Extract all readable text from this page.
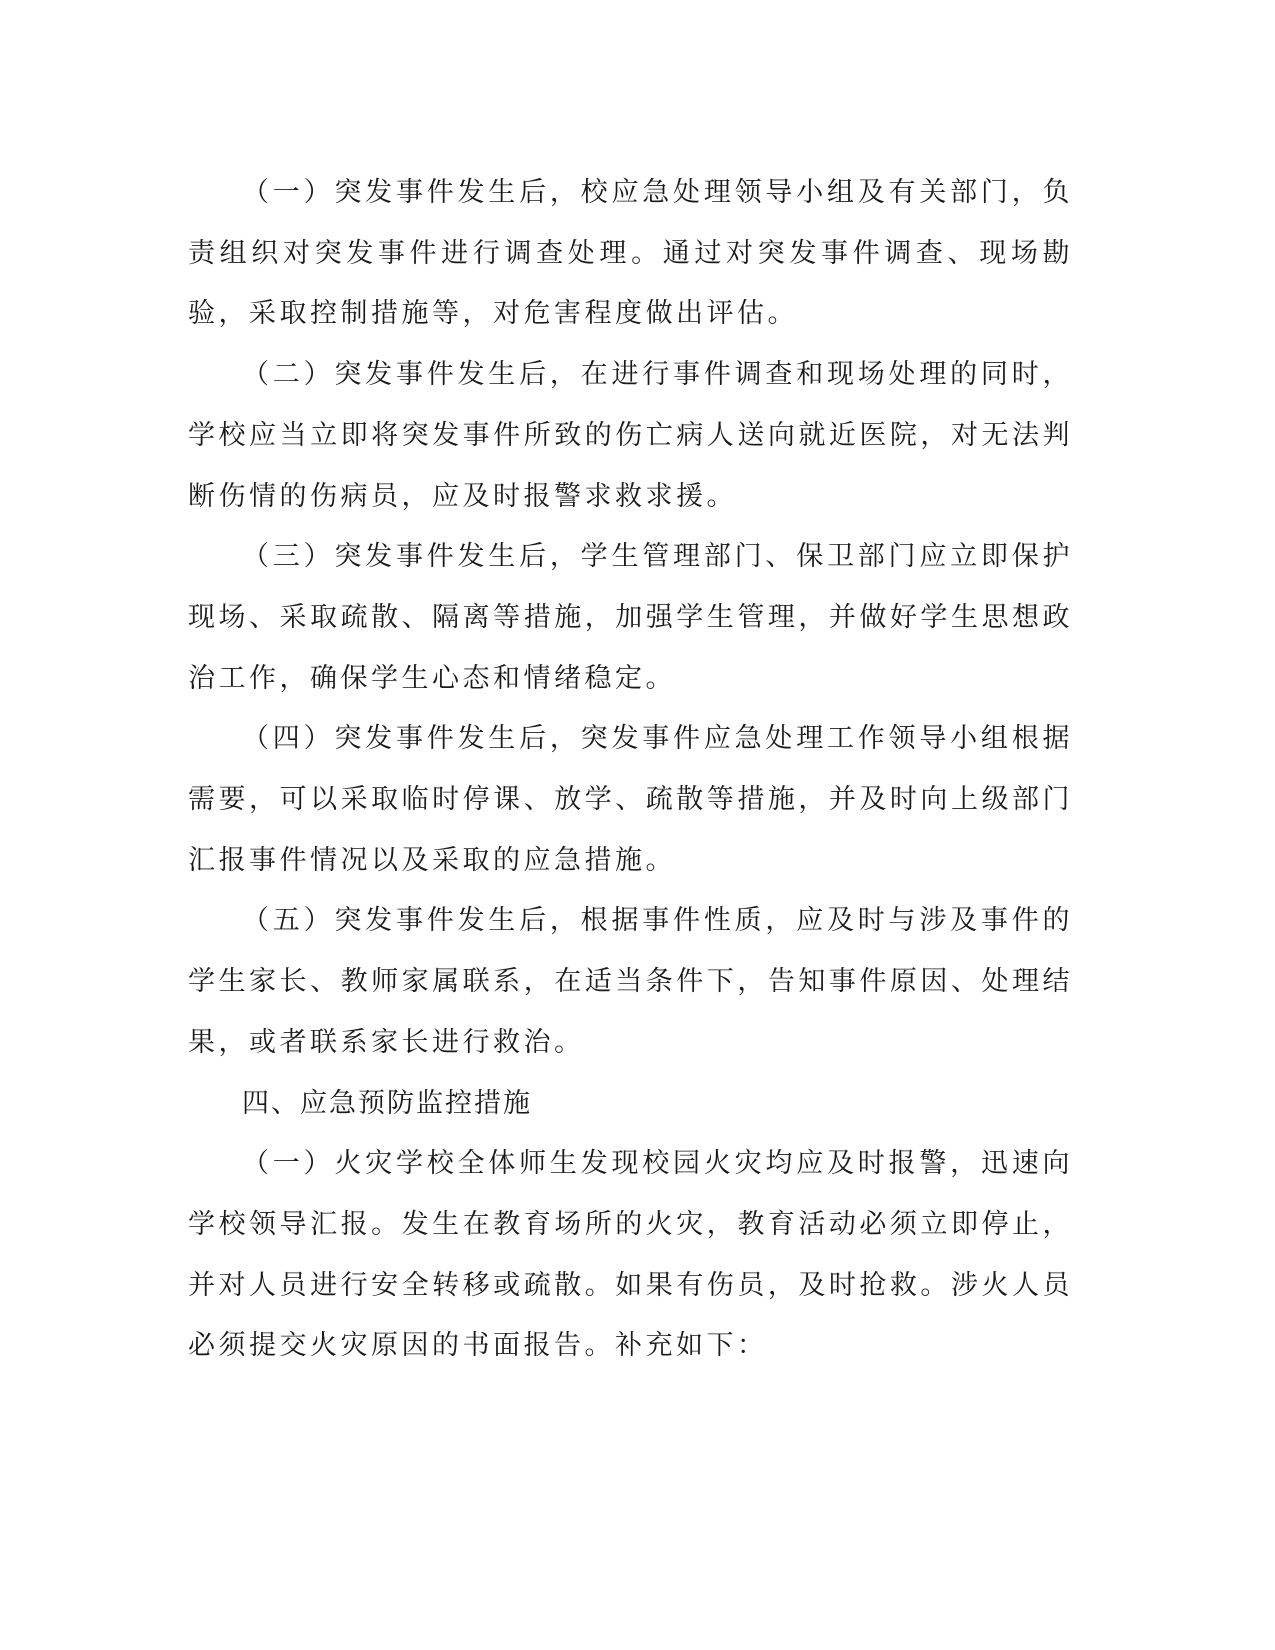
（一）突发事件发生后，校应急处理领导小组及有关部门，负责组织对突发事件进行调查处理。通过对突发事件调查、现场勘验，采取控制措施等，对危害程度做出评估。

（二）突发事件发生后，在进行事件调查和现场处理的同时，学校应当立即将突发事件所致的伤亡病人送向就近医院，对无法判断伤情的伤病员，应及时报警求救求援。

（三）突发事件发生后，学生管理部门、保卫部门应立即保护现场、采取疏散、隔离等措施，加强学生管理，并做好学生思想政治工作，确保学生心态和情绪稳定。

（四）突发事件发生后，突发事件应急处理工作领导小组根据需要，可以采取临时停课、放学、疏散等措施，并及时向上级部门汇报事件情况以及采取的应急措施。

（五）突发事件发生后，根据事件性质，应及时与涉及事件的学生家长、教师家属联系，在适当条件下，告知事件原因、处理结果，或者联系家长进行救治。

四、应急预防监控措施

（一）火灾学校全体师生发现校园火灾均应及时报警，迅速向学校领导汇报。发生在教育场所的火灾，教育活动必须立即停止，并对人员进行安全转移或疏散。如果有伤员，及时抢救。涉火人员必须提交火灾原因的书面报告。补充如下：
